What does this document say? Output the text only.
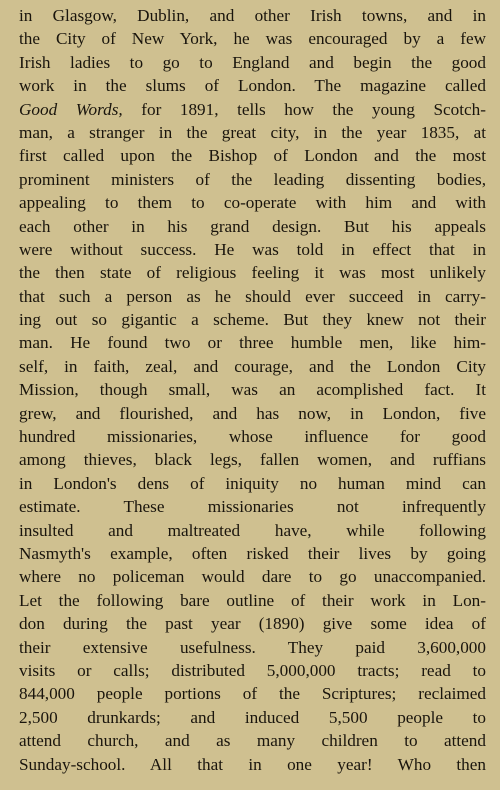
in Glasgow, Dublin, and other Irish towns, and in
the City of New York, he was encouraged by a few
Irish ladies to go to England and begin the good
work in the slums of London. The magazine called
Good Words, for 1891, tells how the young Scotch-
man, a stranger in the great city, in the year 1835, at
first called upon the Bishop of London and the most
prominent ministers of the leading dissenting bodies,
appealing to them to co-operate with him and with
each other in his grand design. But his appeals
were without success. He was told in effect that in
the then state of religious feeling it was most unlikely
that such a person as he should ever succeed in carry-
ing out so gigantic a scheme. But they knew not their
man. He found two or three humble men, like him-
self, in faith, zeal, and courage, and the London City
Mission, though small, was an acomplished fact. It
grew, and flourished, and has now, in London, five
hundred missionaries, whose influence for good
among thieves, black legs, fallen women, and ruffians
in London's dens of iniquity no human mind can
estimate. These missionaries not infrequently
insulted and maltreated have, while following
Nasmyth's example, often risked their lives by going
where no policeman would dare to go unaccompanied.
Let the following bare outline of their work in Lon-
don during the past year (1890) give some idea of
their extensive usefulness. They paid 3,600,000
visits or calls; distributed 5,000,000 tracts; read to
844,000 people portions of the Scriptures; reclaimed
2,500 drunkards; and induced 5,500 people to
attend church, and as many children to attend
Sunday-school. All that in one year! Who then
